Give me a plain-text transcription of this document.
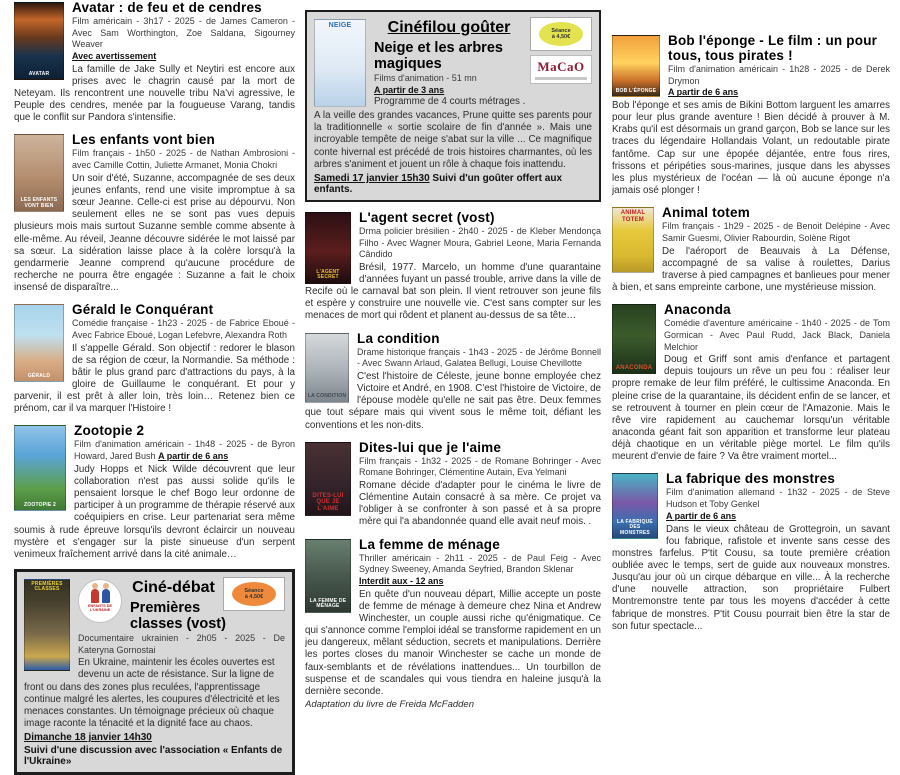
AVATAR
Avatar : de feu et de cendres

Film américain - 3h17 - 2025 - de James Cameron - Avec Sam Worthington, Zoe Saldana, Sigourney Weaver

Avec avertissement

La famille de Jake Sully et Neytiri est encore aux prises avec le chagrin causé par la mort de Neteyam. Ils rencontrent une nouvelle tribu Na'vi agressive, le Peuple des cendres, menée par la fougueuse Varang, tandis que le conflit sur Pandora s'intensifie.

LES ENFANTS VONT BIEN
Les enfants vont bien

Film français - 1h50 - 2025 - de Nathan Ambrosioni - avec Camille Cottin, Juliette Armanet, Monia Chokri

Un soir d'été, Suzanne, accompagnée de ses deux jeunes enfants, rend une visite impromptue à sa sœur Jeanne. Celle-ci est prise au dépourvu. Non seulement elles ne se sont pas vues depuis plusieurs mois mais surtout Suzanne semble comme absente à elle-même. Au réveil, Jeanne découvre sidérée le mot laissé par sa sœur. La sidération laisse place à la colère lorsqu'à la gendarmerie Jeanne comprend qu'aucune procédure de recherche ne pourra être engagée : Suzanne a fait le choix insensé de disparaître...

GÉRALD
Gérald le Conquérant

Comédie française - 1h23 - 2025 - de Fabrice Eboué - Avec Fabrice Eboué, Logan Lefebvre, Alexandra Roth

Il s'appelle Gérald. Son objectif : redorer le blason de sa région de cœur, la Normandie. Sa méthode : bâtir le plus grand parc d'attractions du pays, à la gloire de Guillaume le conquérant. Et pour y parvenir, il est prêt à aller loin, très loin… Retenez bien ce prénom, car il va marquer l'Histoire !

ZOOTOPIE 2
Zootopie 2

Film d'animation américain - 1h48 - 2025 - de Byron Howard, Jared Bush A partir de 6 ans

Judy Hopps et Nick Wilde découvrent que leur collaboration n'est pas aussi solide qu'ils le pensaient lorsque le chef Bogo leur ordonne de participer à un programme de thérapie réservé aux coéquipiers en crise. Leur partenariat sera même soumis à rude épreuve lorsqu'ils devront éclaircir un nouveau mystère et s'engager sur la piste sinueuse d'un serpent venimeux fraîchement arrivé dans la cité animale…

PREMIÈRES CLASSES
ENFANTS DE L'UKRAINE
Séance
à 4,50€
Ciné-débat
Premières classes (vost)

Documentaire ukrainien - 2h05 - 2025 - De Kateryna Gornostai

En Ukraine, maintenir les écoles ouvertes est devenu un acte de résistance. Sur la ligne de front ou dans des zones plus reculées, l'apprentissage continue malgré les alertes, les coupures d'électricité et les menaces constantes. Un témoignage précieux où chaque image raconte la ténacité et la dignité face au chaos.

Dimanche 18 janvier 14h30

Suivi d'une discussion avec l'association « Enfants de l'Ukraine»

NEIGE
Séance
à 4,50€
MaCaO
Cinéfilou goûter
Neige et les arbres magiques

Films d'animation - 51 mn

A partir de 3 ans

Programme de 4 courts métrages .

A la veille des grandes vacances, Prune quitte ses parents pour la traditionnelle « sortie scolaire de fin d'année ». Mais une incroyable tempête de neige s'abat sur la ville ... Ce magnifique conte hivernal est précédé de trois histoires charmantes, où les arbres s'animent et jouent un rôle à chaque fois inattendu.

Samedi 17 janvier 15h30 Suivi d'un goûter offert aux enfants.

L'AGENT SECRET
L'agent secret (vost)

Drma policier brésilien - 2h40 - 2025 - de Kleber Mendonça Filho - Avec Wagner Moura, Gabriel Leone, Maria Fernanda Cândido

Brésil, 1977. Marcelo, un homme d'une quarantaine d'années fuyant un passé trouble, arrive dans la ville de Recife où le carnaval bat son plein. Il vient retrouver son jeune fils et espère y construire une nouvelle vie. C'est sans compter sur les menaces de mort qui rôdent et planent au-dessus de sa tête…

LA CONDITION
La condition

Drame historique français - 1h43 - 2025 - de Jérôme Bonnell - Avec Swann Arlaud, Galatea Bellugi, Louise Chevillotte

C'est l'histoire de Céleste, jeune bonne employée chez Victoire et André, en 1908. C'est l'histoire de Victoire, de l'épouse modèle qu'elle ne sait pas être. Deux femmes que tout sépare mais qui vivent sous le même toit, défiant les conventions et les non-dits.

DITES-LUI QUE JE L'AIME
Dites-lui que je l'aime

Film français - 1h32 - 2025 - de Romane Bohringer - Avec Romane Bohringer, Clémentine Autain, Eva Yelmani

Romane décide d'adapter pour le cinéma le livre de Clémentine Autain consacré à sa mère. Ce projet va l'obliger à se confronter à son passé et à sa propre mère qui l'a abandonnée quand elle avait neuf mois. .

LA FEMME DE MÉNAGE
La femme de ménage

Thriller américain - 2h11 - 2025 - de Paul Feig - Avec Sydney Sweeney, Amanda Seyfried, Brandon Sklenar

Interdit aux - 12 ans

En quête d'un nouveau départ, Millie accepte un poste de femme de ménage à demeure chez Nina et Andrew Winchester, un couple aussi riche qu'énigmatique. Ce qui s'annonce comme l'emploi idéal se transforme rapidement en un jeu dangereux, mêlant séduction, secrets et manipulations. Derrière les portes closes du manoir Winchester se cache un monde de faux-semblants et de révélations inattendues... Un tourbillon de suspense et de scandales qui vous tiendra en haleine jusqu'à la dernière seconde.

Adaptation du livre de Freida McFadden

BOB L'ÉPONGE
Bob l'éponge - Le film : un pour tous, tous pirates !

Film d'animation américain - 1h28 - 2025 - de Derek Drymon

A partir de 6 ans

Bob l'éponge et ses amis de Bikini Bottom larguent les amarres pour leur plus grande aventure ! Bien décidé à prouver à M. Krabs qu'il est désormais un grand garçon, Bob se lance sur les traces du légendaire Hollandais Volant, un redoutable pirate fantôme. Cap sur une épopée déjantée, entre fous rires, frissons et péripéties sous-marines, jusque dans les abysses les plus mystérieux de l'océan — là où aucune éponge n'a jamais osé plonger !

ANIMAL TOTEM	Animal totem

Film français - 1h29 - 2025 - de Benoit Delépine - Avec Samir Guesmi, Olivier Rabourdin, Solène Rigot

De l'aéroport de Beauvais à La Défense, accompagné de sa valise à roulettes, Darius traverse à pied campagnes et banlieues pour mener à bien, et sans empreinte carbone, une mystérieuse mission.

ANACONDA
Anaconda

Comédie d'aventure américaine - 1h40 - 2025 - de Tom Gormican - Avec Paul Rudd, Jack Black, Daniela Melchior

Doug et Griff sont amis d'enfance et partagent depuis toujours un rêve un peu fou : réaliser leur propre remake de leur film préféré, le cultissime Anaconda. En pleine crise de la quarantaine, ils décident enfin de se lancer, et se retrouvent à tourner en plein cœur de l'Amazonie. Mais le rêve vire rapidement au cauchemar lorsqu'un véritable anaconda géant fait son apparition et transforme leur plateau déjà chaotique en un véritable piège mortel. Le film qu'ils meurent d'envie de faire ? Va être vraiment mortel...

LA FABRIQUE DES MONSTRES
La fabrique des monstres

Film d'animation allemand - 1h32 - 2025 - de Steve Hudson et Toby Genkel

A partir de 6 ans

Dans le vieux château de Grottegroin, un savant fou fabrique, rafistole et invente sans cesse des monstres farfelus. P'tit Cousu, sa toute première création oubliée avec le temps, sert de guide aux nouveaux monstres. Jusqu'au jour où un cirque débarque en ville... À la recherche d'une nouvelle attraction, son propriétaire Fulbert Montremonstre tente par tous les moyens d'accéder à cette fabrique de monstres. P'tit Cousu pourrait bien être la star de son futur spectacle...
